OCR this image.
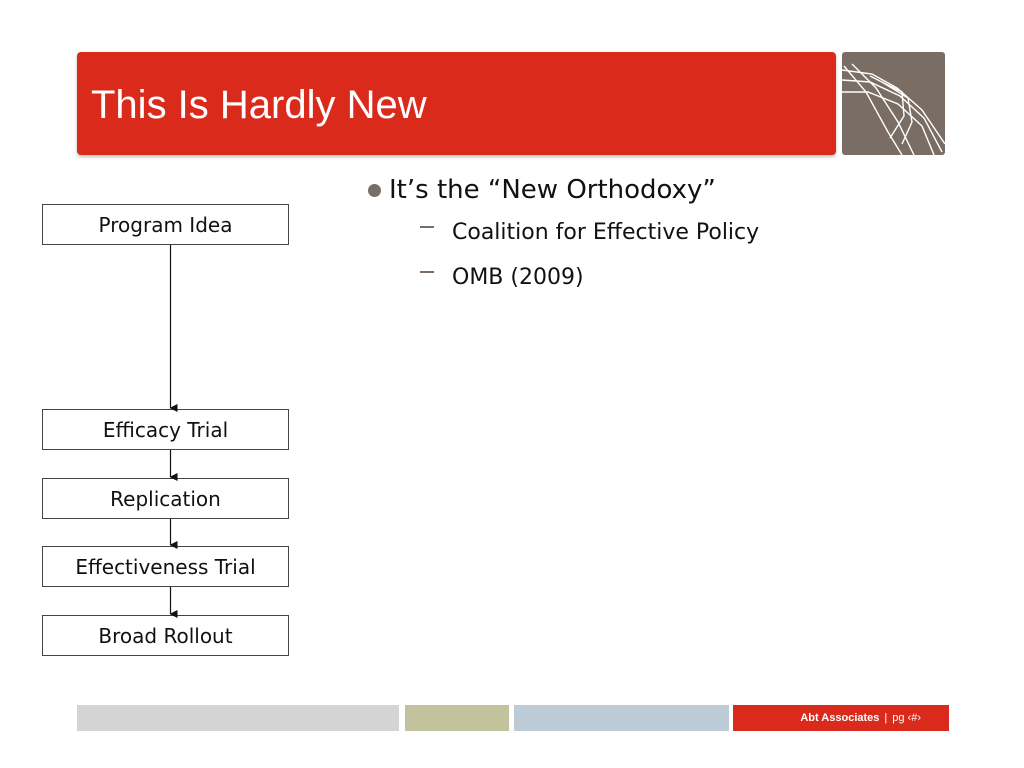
This Is Hardly New
Program Idea
Efficacy Trial
Replication
Effectiveness Trial
Broad Rollout
It’s the “New Orthodoxy”
Coalition for Effective Policy
OMB (2009)
Abt Associates | pg ‹#›
